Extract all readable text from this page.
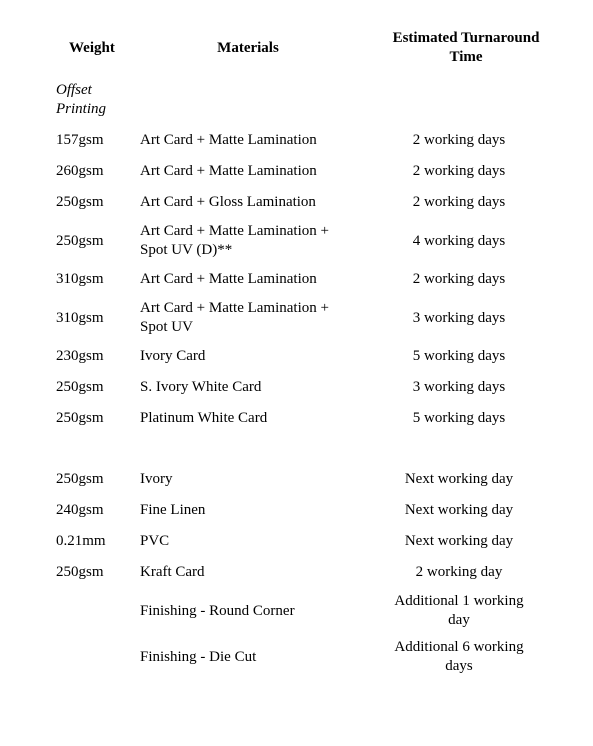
Weight	Materials	Estimated Turnaround Time
Offset Printing		
157gsm	Art Card + Matte Lamination	2 working days
260gsm	Art Card + Matte Lamination	2 working days
250gsm	Art Card + Gloss Lamination	2 working days
250gsm	Art Card + Matte Lamination + Spot UV (D)**	4 working days
310gsm	Art Card + Matte Lamination	2 working days
310gsm	Art Card + Matte Lamination + Spot UV	3 working days
230gsm	Ivory Card	5 working days
250gsm	S. Ivory White Card	3 working days
250gsm	Platinum White Card	5 working days

250gsm	Ivory	Next working day
240gsm	Fine Linen	Next working day
0.21mm	PVC	Next working day
250gsm	Kraft Card	2 working day
	Finishing - Round Corner	Additional 1 working day
	Finishing - Die Cut	Additional 6 working days
